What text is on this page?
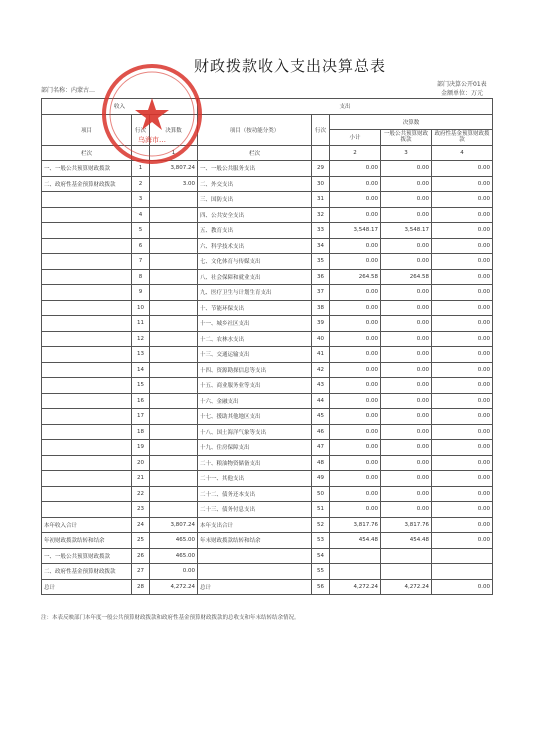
财政拨款收入支出决算总表
部门名称：内蒙古…
部门决算公开01表
金额单位：万元
收入			支出				
项目	行次	决算数	项目（按功能分类）	行次	决算数		
					小计	一般公共预算财政拨款	政府性基金预算财政拨款
栏次		1	栏次		2	3	4
一、一般公共预算财政拨款	1	3,807.24	一、一般公共服务支出	29	0.00	0.00	0.00
二、政府性基金预算财政拨款	2	3.00	二、外交支出	30	0.00	0.00	0.00
	3		三、国防支出	31	0.00	0.00	0.00
	4		四、公共安全支出	32	0.00	0.00	0.00
	5		五、教育支出	33	3,548.17	3,548.17	0.00
	6		六、科学技术支出	34	0.00	0.00	0.00
	7		七、文化体育与传媒支出	35	0.00	0.00	0.00
	8		八、社会保障和就业支出	36	264.58	264.58	0.00
	9		九、医疗卫生与计划生育支出	37	0.00	0.00	0.00
	10		十、节能环保支出	38	0.00	0.00	0.00
	11		十一、城乡社区支出	39	0.00	0.00	0.00
	12		十二、农林水支出	40	0.00	0.00	0.00
	13		十三、交通运输支出	41	0.00	0.00	0.00
	14		十四、资源勘探信息等支出	42	0.00	0.00	0.00
	15		十五、商业服务业等支出	43	0.00	0.00	0.00
	16		十六、金融支出	44	0.00	0.00	0.00
	17		十七、援助其他地区支出	45	0.00	0.00	0.00
	18		十八、国土海洋气象等支出	46	0.00	0.00	0.00
	19		十九、住房保障支出	47	0.00	0.00	0.00
	20		二十、粮油物资储备支出	48	0.00	0.00	0.00
	21		二十一、其他支出	49	0.00	0.00	0.00
	22		二十二、债务还本支出	50	0.00	0.00	0.00
	23		二十三、债务付息支出	51	0.00	0.00	0.00
本年收入合计	24	3,807.24	本年支出合计	52	3,817.76	3,817.76	0.00
年初财政拨款结转和结余	25	465.00	年末财政拨款结转和结余	53	454.48	454.48	0.00
一、一般公共预算财政拨款	26	465.00		54			
二、政府性基金预算财政拨款	27	0.00		55			
总计	28	4,272.24	总计	56	4,272.24	4,272.24	0.00
注：本表反映部门本年度一般公共预算财政拨款和政府性基金预算财政拨款的总收支和年末结转结余情况。
乌海市…
